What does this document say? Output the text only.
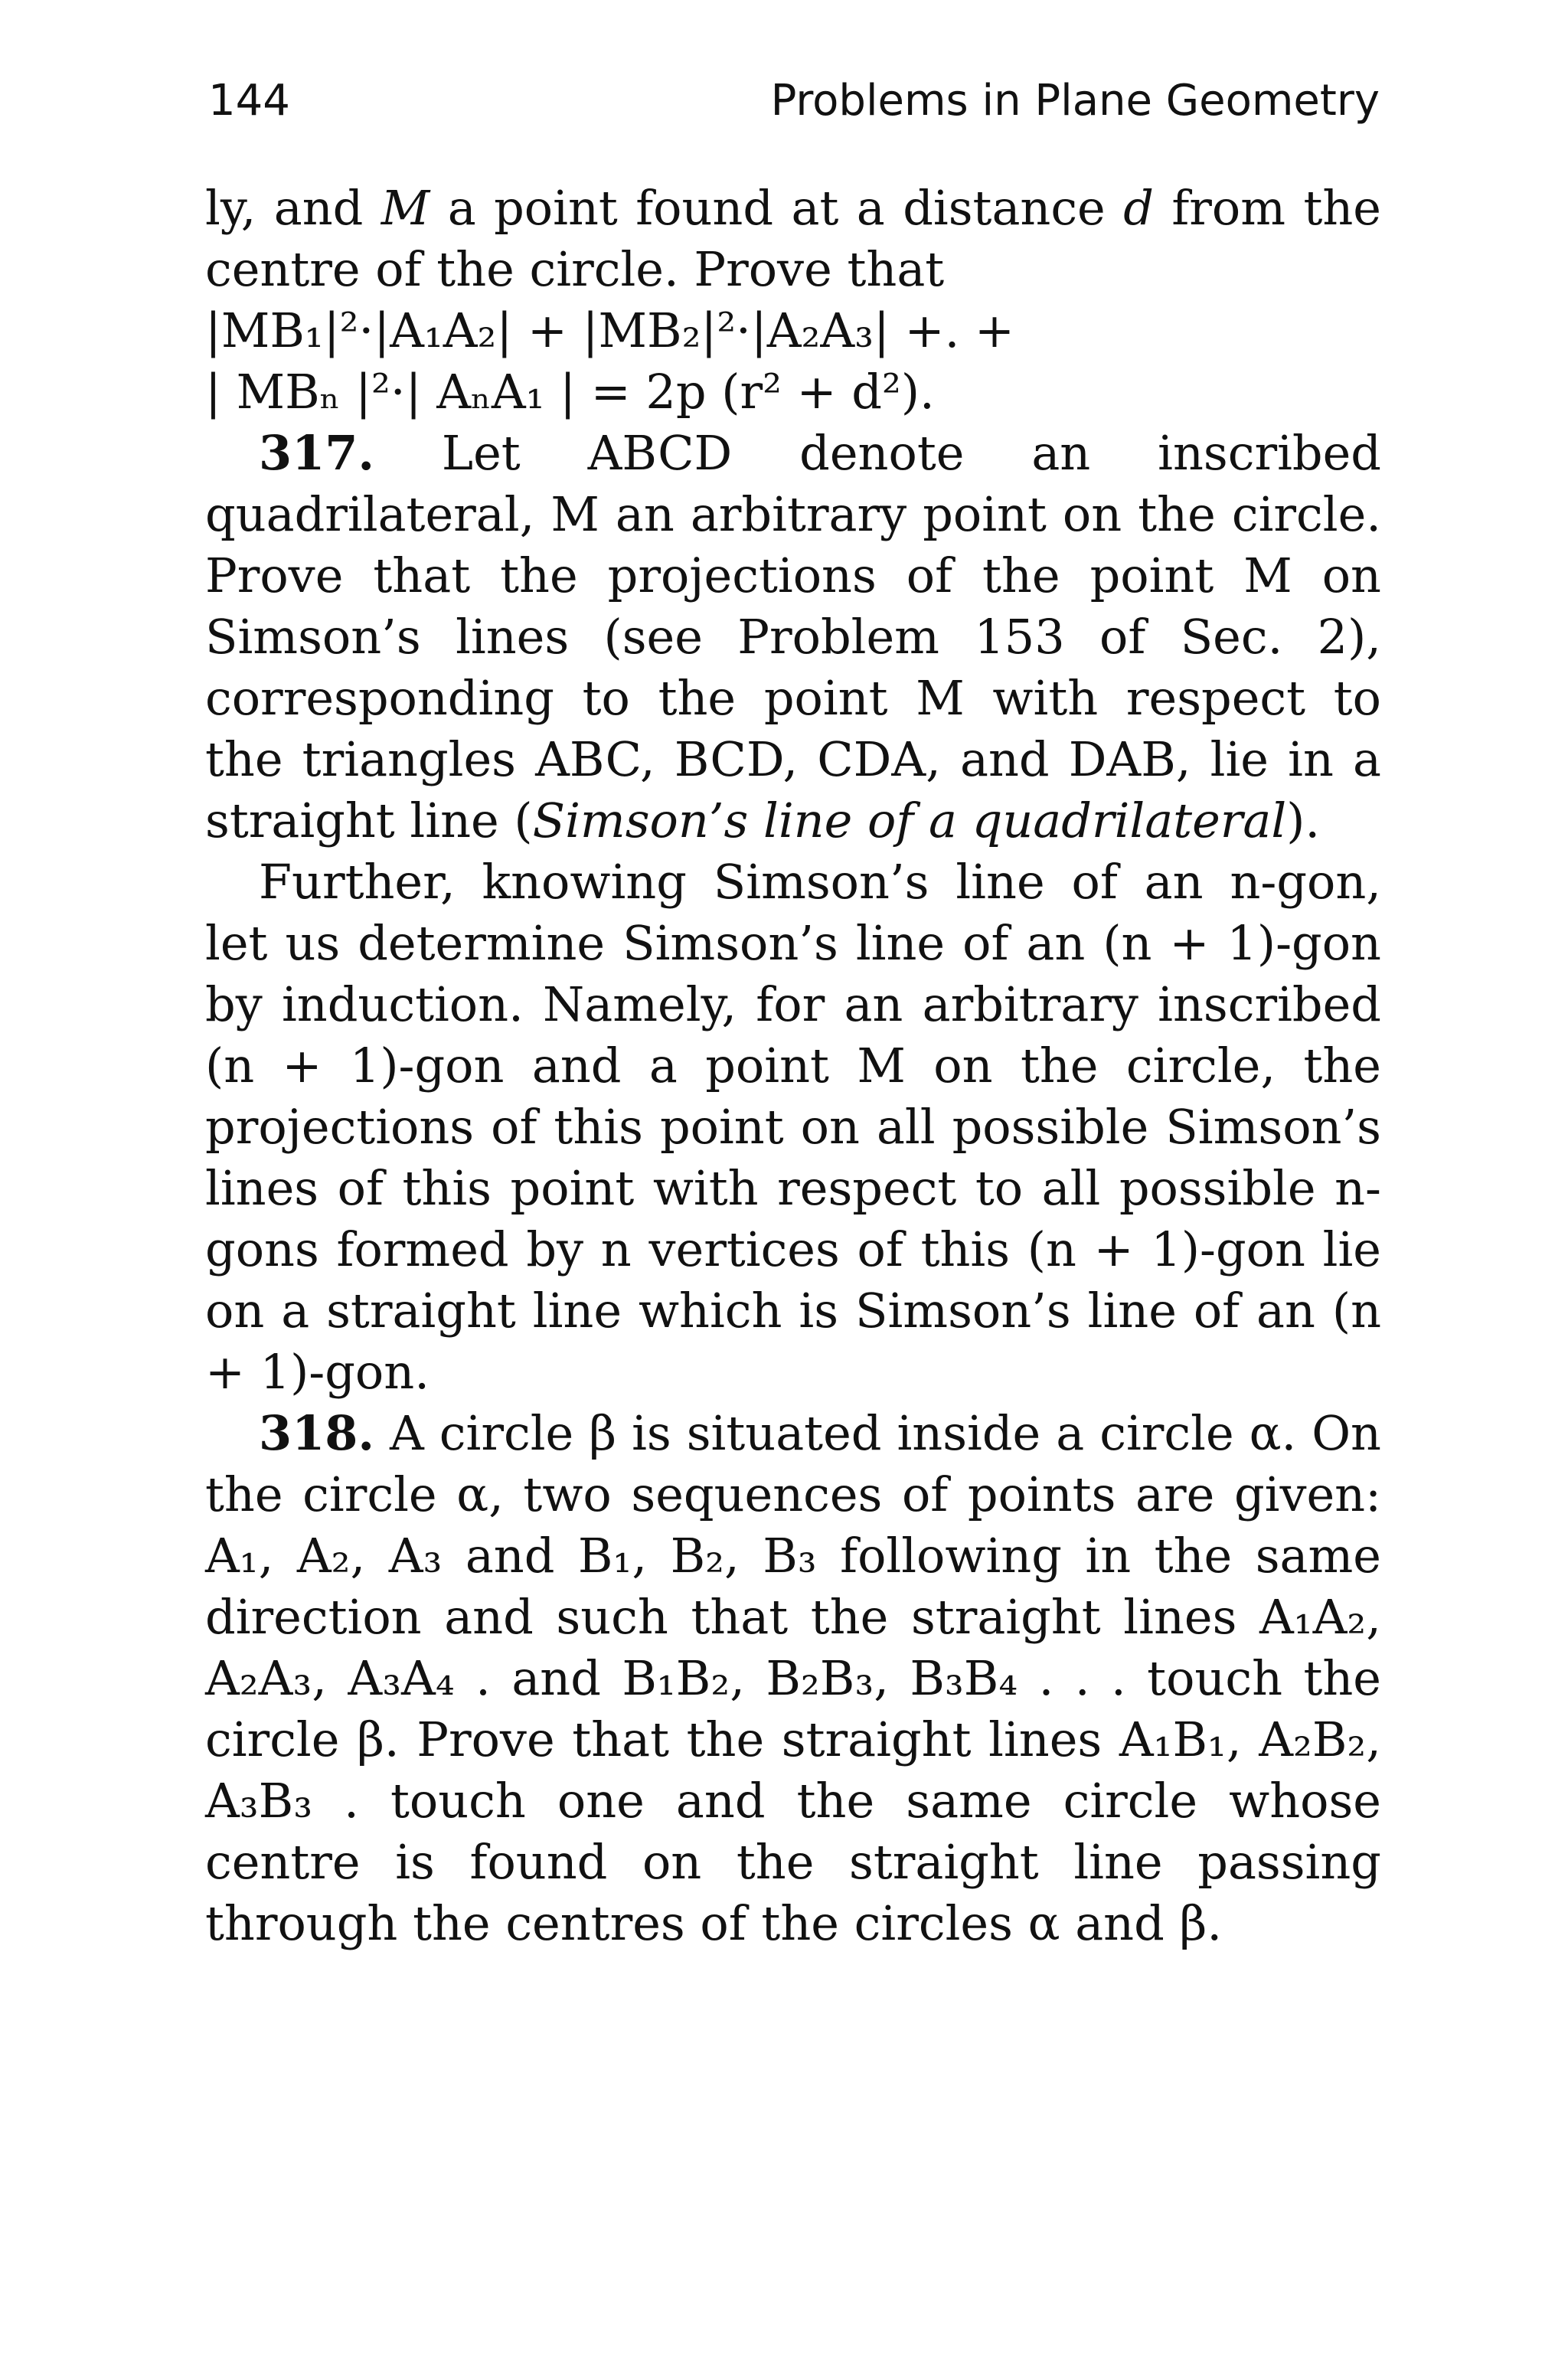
144	Problems in Plane Geometry

ly, and M a point found at a distance d from the centre of the circle. Prove that

|MB₁|²·|A₁A₂| + |MB₂|²·|A₂A₃| +. +

| MBₙ |²·| AₙA₁ | = 2p (r² + d²).

317. Let ABCD denote an inscribed quadrilateral, M an arbitrary point on the circle. Prove that the projections of the point M on Simson’s lines (see Problem 153 of Sec. 2), corresponding to the point M with respect to the triangles ABC, BCD, CDA, and DAB, lie in a straight line (Simson’s line of a quadrilateral).

Further, knowing Simson’s line of an n-gon, let us determine Simson’s line of an (n + 1)-gon by induction. Namely, for an arbitrary inscribed (n + 1)-gon and a point M on the circle, the projections of this point on all possible Simson’s lines of this point with respect to all possible n-gons formed by n vertices of this (n + 1)-gon lie on a straight line which is Simson’s line of an (n + 1)-gon.

318. A circle β is situated inside a circle α. On the circle α, two sequences of points are given: A₁, A₂, A₃ and B₁, B₂, B₃ following in the same direction and such that the straight lines A₁A₂, A₂A₃, A₃A₄ . and B₁B₂, B₂B₃, B₃B₄ . . . touch the circle β. Prove that the straight lines A₁B₁, A₂B₂, A₃B₃ . touch one and the same circle whose centre is found on the straight line passing through the centres of the circles α and β.
